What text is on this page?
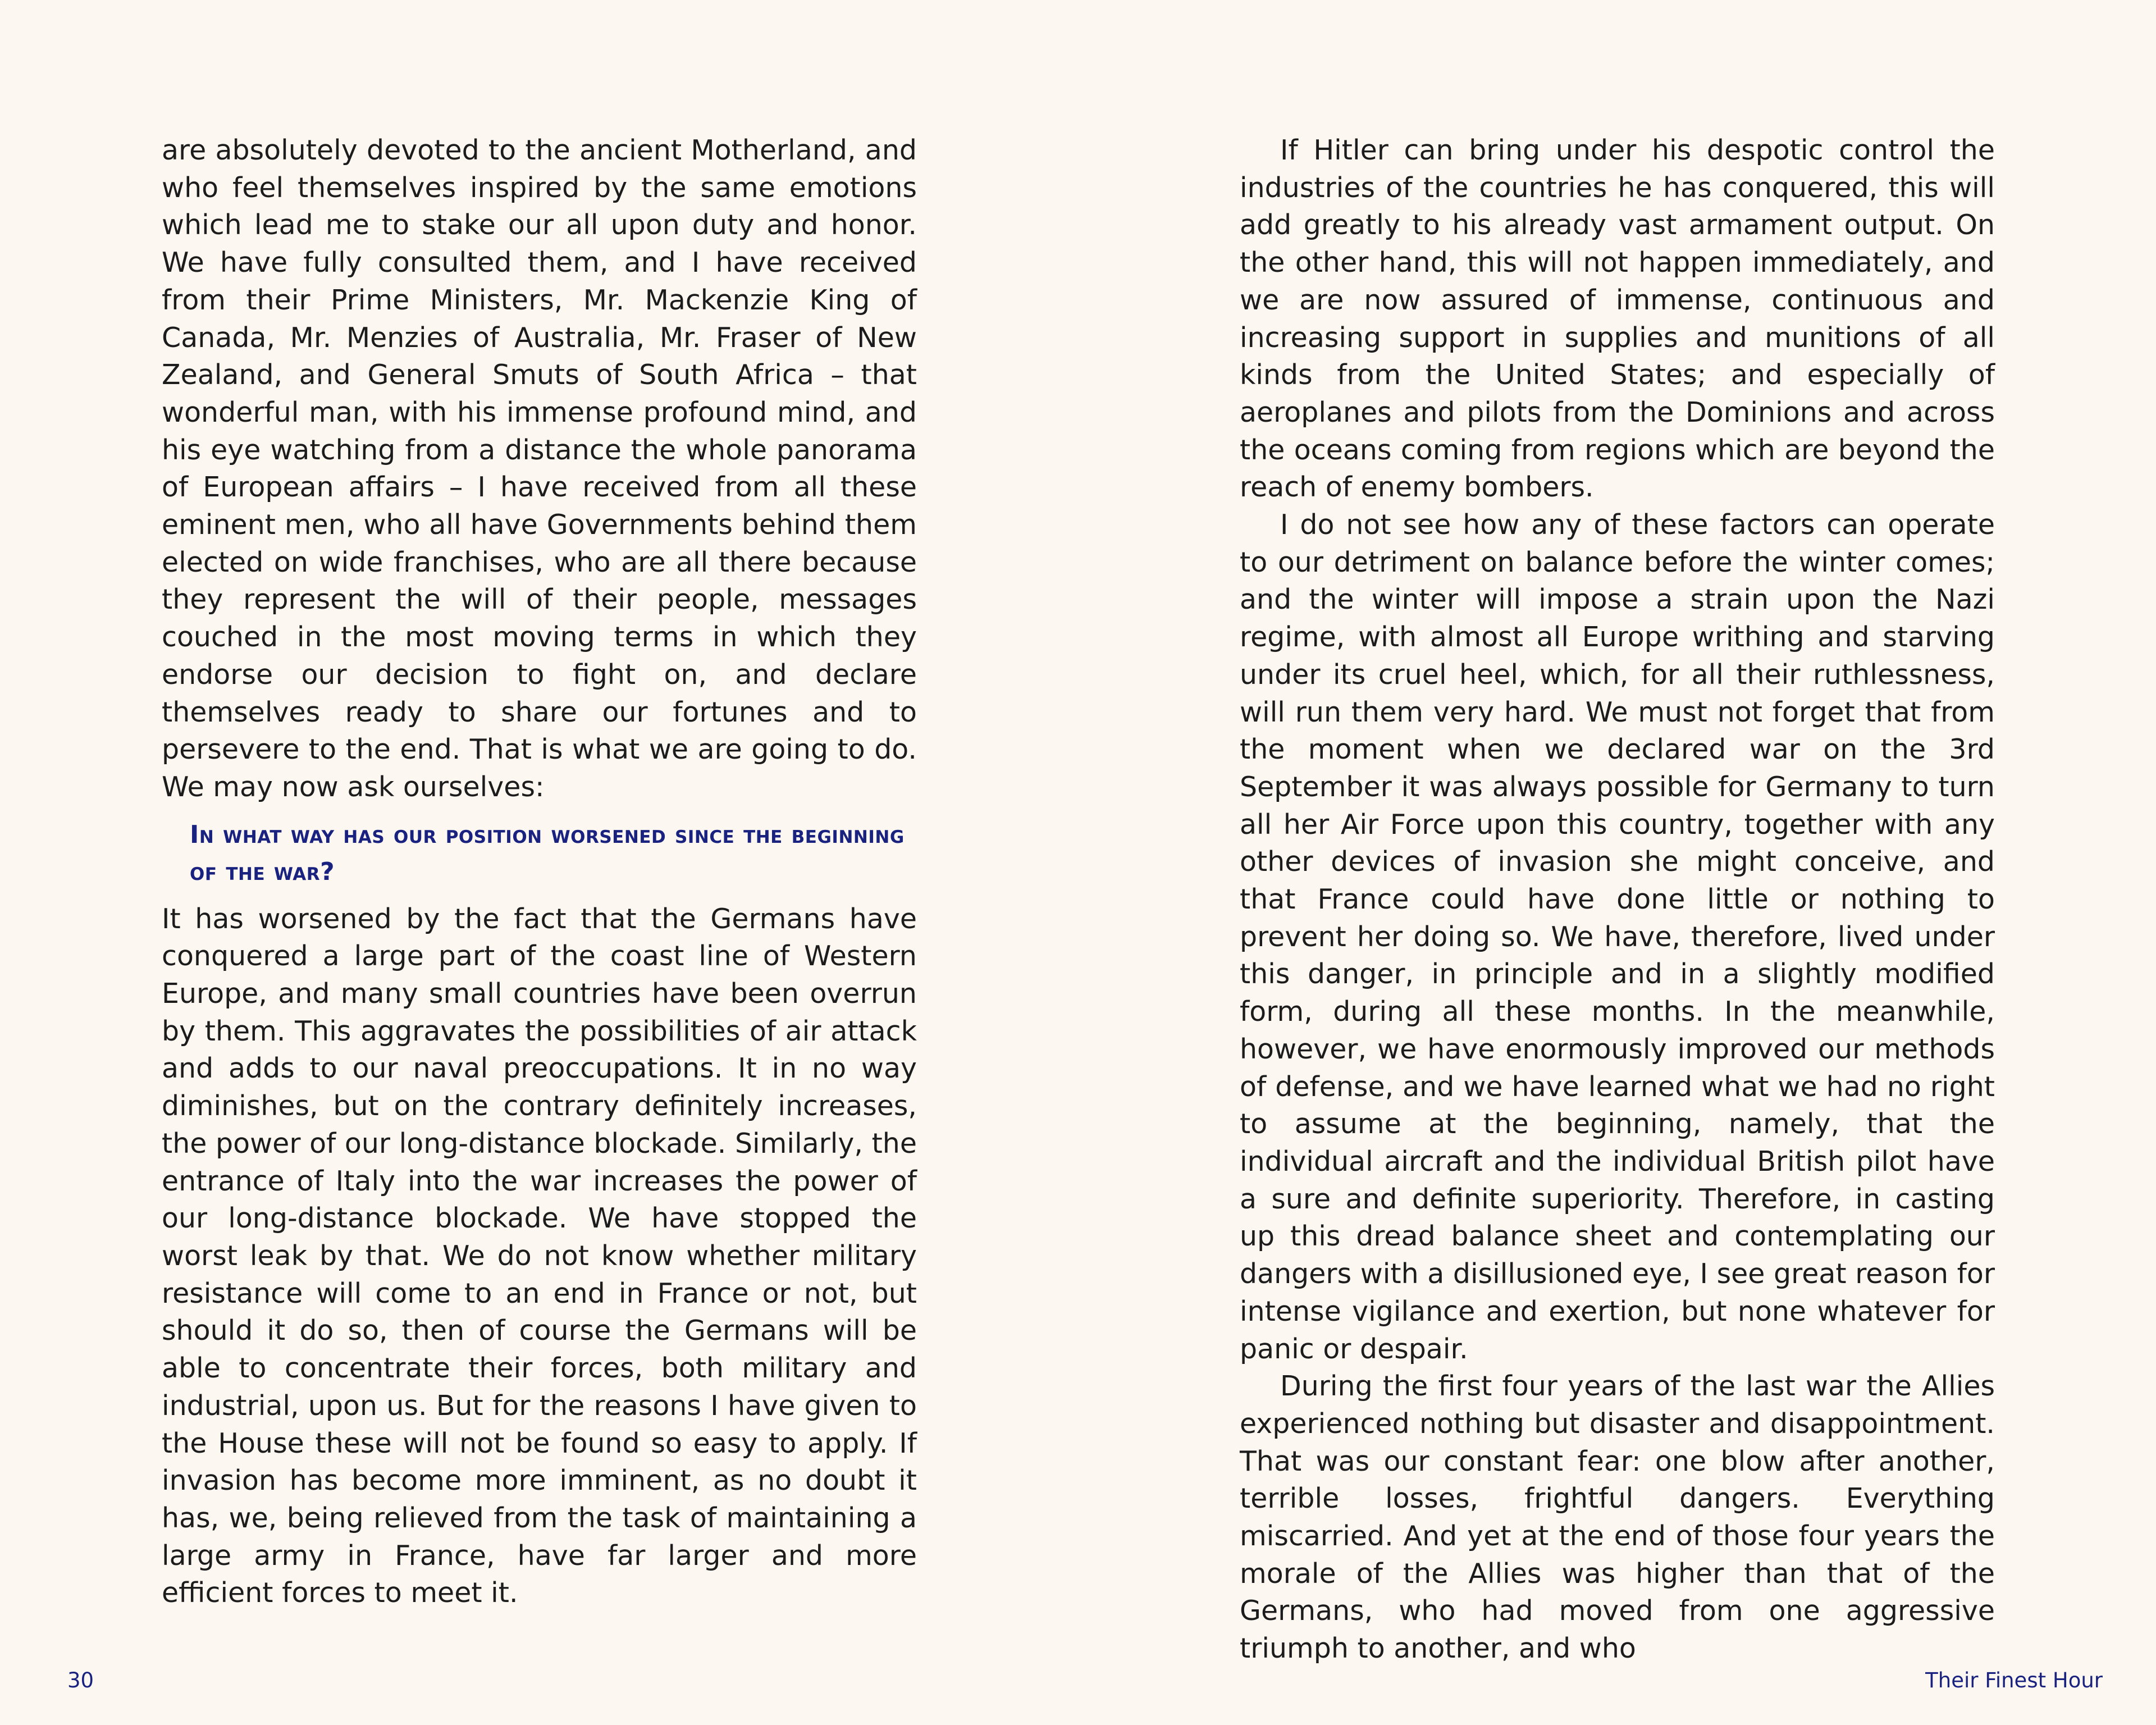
are absolutely devoted to the ancient Motherland, and who feel themselves inspired by the same emotions which lead me to stake our all upon duty and honor. We have fully consulted them, and I have received from their Prime Ministers, Mr. Mackenzie King of Canada, Mr. Menzies of Australia, Mr. Fraser of New Zealand, and General Smuts of South Africa – that wonderful man, with his immense profound mind, and his eye watching from a distance the whole panorama of European affairs – I have received from all these eminent men, who all have Governments behind them elected on wide franchises, who are all there because they represent the will of their people, messages couched in the most moving terms in which they endorse our decision to fight on, and declare themselves ready to share our fortunes and to persevere to the end. That is what we are going to do. We may now ask ourselves:

In what way has our position worsened since the beginning of the war?

It has worsened by the fact that the Germans have conquered a large part of the coast line of Western Europe, and many small countries have been overrun by them. This aggravates the possibilities of air attack and adds to our naval preoccupations. It in no way diminishes, but on the contrary definitely increases, the power of our long-distance blockade. Similarly, the entrance of Italy into the war increases the power of our long-distance blockade. We have stopped the worst leak by that. We do not know whether military resistance will come to an end in France or not, but should it do so, then of course the Germans will be able to concentrate their forces, both military and industrial, upon us. But for the reasons I have given to the House these will not be found so easy to apply. If invasion has become more imminent, as no doubt it has, we, being relieved from the task of maintaining a large army in France, have far larger and more efficient forces to meet it.

30

If Hitler can bring under his despotic control the industries of the countries he has conquered, this will add greatly to his already vast armament output. On the other hand, this will not happen immediately, and we are now assured of immense, continuous and increasing support in supplies and munitions of all kinds from the United States; and especially of aeroplanes and pilots from the Dominions and across the oceans coming from regions which are beyond the reach of enemy bombers.

I do not see how any of these factors can operate to our detriment on balance before the winter comes; and the winter will impose a strain upon the Nazi regime, with almost all Europe writhing and starving under its cruel heel, which, for all their ruthlessness, will run them very hard. We must not forget that from the moment when we declared war on the 3rd September it was always possible for Germany to turn all her Air Force upon this country, together with any other devices of invasion she might conceive, and that France could have done little or nothing to prevent her doing so. We have, therefore, lived under this danger, in principle and in a slightly modified form, during all these months. In the meanwhile, however, we have enormously improved our methods of defense, and we have learned what we had no right to assume at the beginning, namely, that the individual aircraft and the individual British pilot have a sure and definite superiority. Therefore, in casting up this dread balance sheet and contemplating our dangers with a disillusioned eye, I see great reason for intense vigilance and exertion, but none whatever for panic or despair.

During the first four years of the last war the Allies experienced nothing but disaster and disappointment. That was our constant fear: one blow after another, terrible losses, frightful dangers. Everything miscarried. And yet at the end of those four years the morale of the Allies was higher than that of the Germans, who had moved from one aggressive triumph to another, and who

Their Finest Hour
